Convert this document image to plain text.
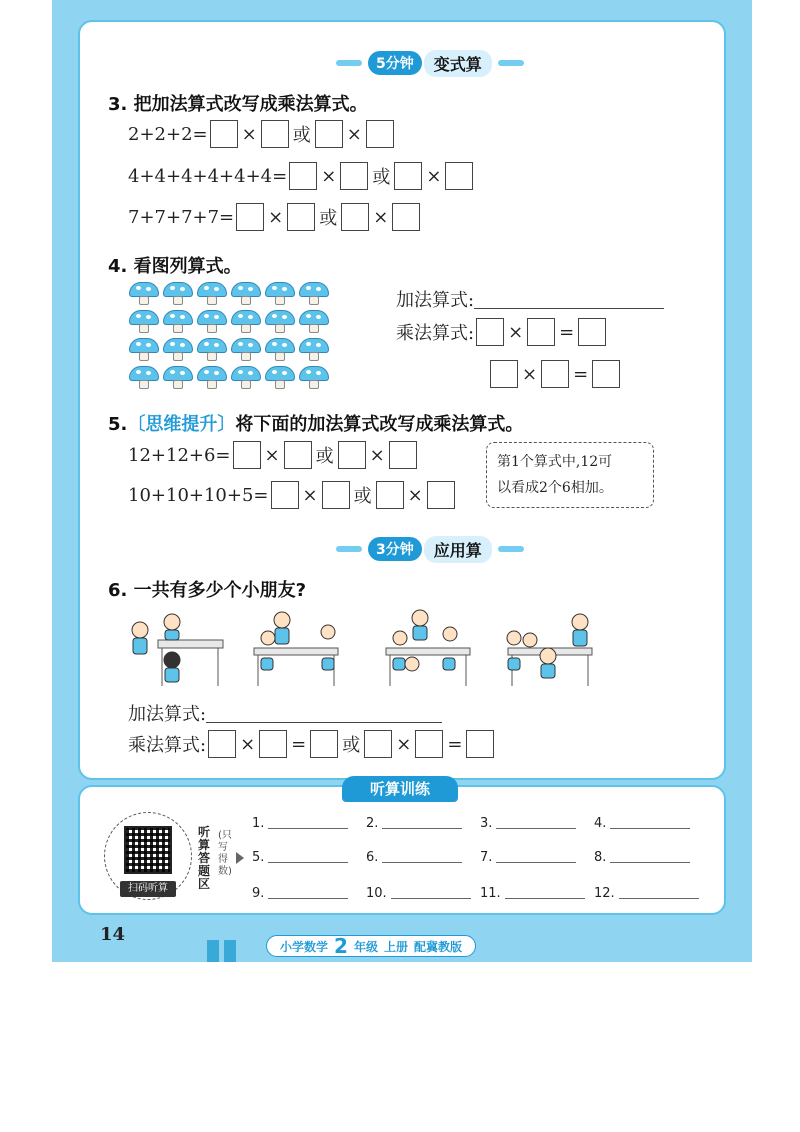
5分钟	变式算
3. 把加法算式改写成乘法算式。
2+2+2= × 或 ×
4+4+4+4+4+4= × 或 ×
7+7+7+7= × 或 ×
4. 看图列算式。
加法算式:
乘法算式: × =
× =
5.〔思维提升〕将下面的加法算式改写成乘法算式。
12+12+6= × 或 ×
10+10+10+5= × 或 ×
第1个算式中,12可
以看成2个6相加。
3分钟	应用算
6. 一共有多少个小朋友?
加法算式:
乘法算式: × = 或 × =
听算训练
扫码听算
听算答题区
(只写得数)
1.	2.	3.	4.
5.	6.	7.	8.
9.	10.	11.	12.
14
小学数学 2 年级 上册 配冀教版
